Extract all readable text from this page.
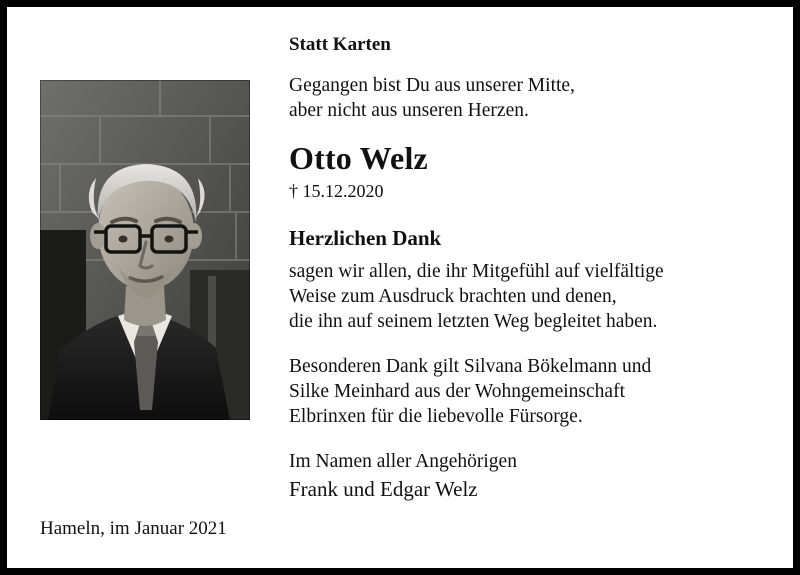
Statt Karten

Gegangen bist Du aus unserer Mitte,
aber nicht aus unseren Herzen.

Otto Welz

† 15.12.2020

Herzlichen Dank

sagen wir allen, die ihr Mitgefühl auf vielfältige
Weise zum Ausdruck brachten und denen,
die ihn auf seinem letzten Weg begleitet haben.

Besonderen Dank gilt Silvana Bökelmann und
Silke Meinhard aus der Wohngemeinschaft
Elbrinxen für die liebevolle Fürsorge.

Im Namen aller Angehörigen

Frank und Edgar Welz

Hameln, im Januar 2021
